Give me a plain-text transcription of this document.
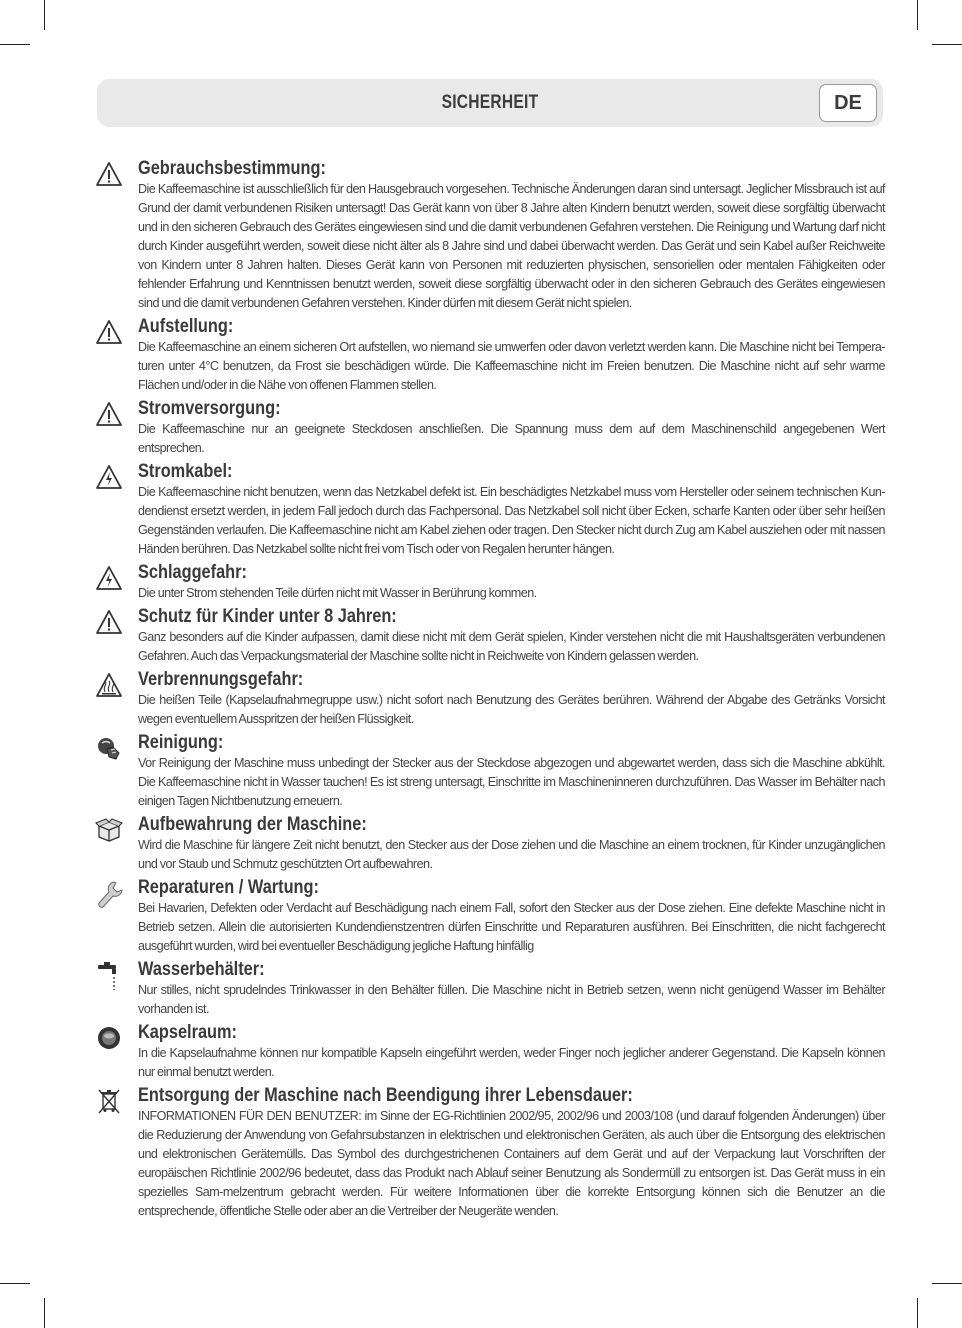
SICHERHEIT	DE
Gebrauchsbestimmung:

Die Kaffeemaschine ist ausschließlich für den Hausgebrauch vorgesehen. Technische Änderungen daran sind untersagt. Jeglicher Missbrauch ist auf Grund der damit verbundenen Risiken untersagt! Das Gerät kann von über 8 Jahre alten Kindern benutzt werden, soweit diese sorgfältig überwacht und in den sicheren Gebrauch des Gerätes eingewiesen sind und die damit verbundenen Gefahren verstehen. Die Reinigung und Wartung darf nicht durch Kinder ausgeführt werden, soweit diese nicht älter als 8 Jahre sind und dabei überwacht werden. Das Gerät und sein Kabel außer Reichweite von Kindern unter 8 Jahren halten. Dieses Gerät kann von Personen mit reduzierten physischen, sensoriellen oder mentalen Fähigkeiten oder fehlender Erfahrung und Kenntnissen benutzt werden, soweit diese sorgfältig überwacht oder in den sicheren Gebrauch des Gerätes eingewiesen sind und die damit verbundenen Gefahren verstehen. Kinder dürfen mit diesem Gerät nicht spielen.

Aufstellung:

Die Kaffeemaschine an einem sicheren Ort aufstellen, wo niemand sie umwerfen oder davon verletzt werden kann. Die Maschine nicht bei Tempera-turen unter 4°C benutzen, da Frost sie beschädigen würde. Die Kaffeemaschine nicht im Freien benutzen. Die Maschine nicht auf sehr warme Flächen und/oder in die Nähe von offenen Flammen stellen.

Stromversorgung:

Die Kaffeemaschine nur an geeignete Steckdosen anschließen. Die Spannung muss dem auf dem Maschinenschild angegebenen Wert entsprechen.

Stromkabel:

Die Kaffeemaschine nicht benutzen, wenn das Netzkabel defekt ist. Ein beschädigtes Netzkabel muss vom Hersteller oder seinem technischen Kun-dendienst ersetzt werden, in jedem Fall jedoch durch das Fachpersonal. Das Netzkabel soll nicht über Ecken, scharfe Kanten oder über sehr heißen Gegenständen verlaufen. Die Kaffeemaschine nicht am Kabel ziehen oder tragen. Den Stecker nicht durch Zug am Kabel ausziehen oder mit nassen Händen berühren. Das Netzkabel sollte nicht frei vom Tisch oder von Regalen herunter hängen.

Schlaggefahr:

Die unter Strom stehenden Teile dürfen nicht mit Wasser in Berührung kommen.

Schutz für Kinder unter 8 Jahren:

Ganz besonders auf die Kinder aufpassen, damit diese nicht mit dem Gerät spielen, Kinder verstehen nicht die mit Haushaltsgeräten verbundenen Gefahren. Auch das Verpackungsmaterial der Maschine sollte nicht in Reichweite von Kindern gelassen werden.

Verbrennungsgefahr:

Die heißen Teile (Kapselaufnahmegruppe usw.) nicht sofort nach Benutzung des Gerätes berühren. Während der Abgabe des Getränks Vorsicht wegen eventuellem Ausspritzen der heißen Flüssigkeit.

Reinigung:

Vor Reinigung der Maschine muss unbedingt der Stecker aus der Steckdose abgezogen und abgewartet werden, dass sich die Maschine abkühlt. Die Kaffeemaschine nicht in Wasser tauchen! Es ist streng untersagt, Einschritte im Maschineninneren durchzuführen. Das Wasser im Behälter nach einigen Tagen Nichtbenutzung erneuern.

Aufbewahrung der Maschine:

Wird die Maschine für längere Zeit nicht benutzt, den Stecker aus der Dose ziehen und die Maschine an einem trocknen, für Kinder unzugänglichen und vor Staub und Schmutz geschützten Ort aufbewahren.

Reparaturen / Wartung:

Bei Havarien, Defekten oder Verdacht auf Beschädigung nach einem Fall, sofort den Stecker aus der Dose ziehen. Eine defekte Maschine nicht in Betrieb setzen. Allein die autorisierten Kundendienstzentren dürfen Einschritte und Reparaturen ausführen. Bei Einschritten, die nicht fachgerecht ausgeführt wurden, wird bei eventueller Beschädigung jegliche Haftung hinfällig

Wasserbehälter:

Nur stilles, nicht sprudelndes Trinkwasser in den Behälter füllen. Die Maschine nicht in Betrieb setzen, wenn nicht genügend Wasser im Behälter vorhanden ist.

Kapselraum:

In die Kapselaufnahme können nur kompatible Kapseln eingeführt werden, weder Finger noch jeglicher anderer Gegenstand. Die Kapseln können nur einmal benutzt werden.

Entsorgung der Maschine nach Beendigung ihrer Lebensdauer:

INFORMATIONEN FÜR DEN BENUTZER: im Sinne der EG-Richtlinien 2002/95, 2002/96 und 2003/108 (und darauf folgenden Änderungen) über die Reduzierung der Anwendung von Gefahrsubstanzen in elektrischen und elektronischen Geräten, als auch über die Entsorgung des elektrischen und elektronischen Gerätemülls. Das Symbol des durchgestrichenen Containers auf dem Gerät und auf der Verpackung laut Vorschriften der europäischen Richtlinie 2002/96 bedeutet, dass das Produkt nach Ablauf seiner Benutzung als Sondermüll zu entsorgen ist. Das Gerät muss in ein spezielles Sam-melzentrum gebracht werden. Für weitere Informationen über die korrekte Entsorgung können sich die Benutzer an die entsprechende, öffentliche Stelle oder aber an die Vertreiber der Neugeräte wenden.
